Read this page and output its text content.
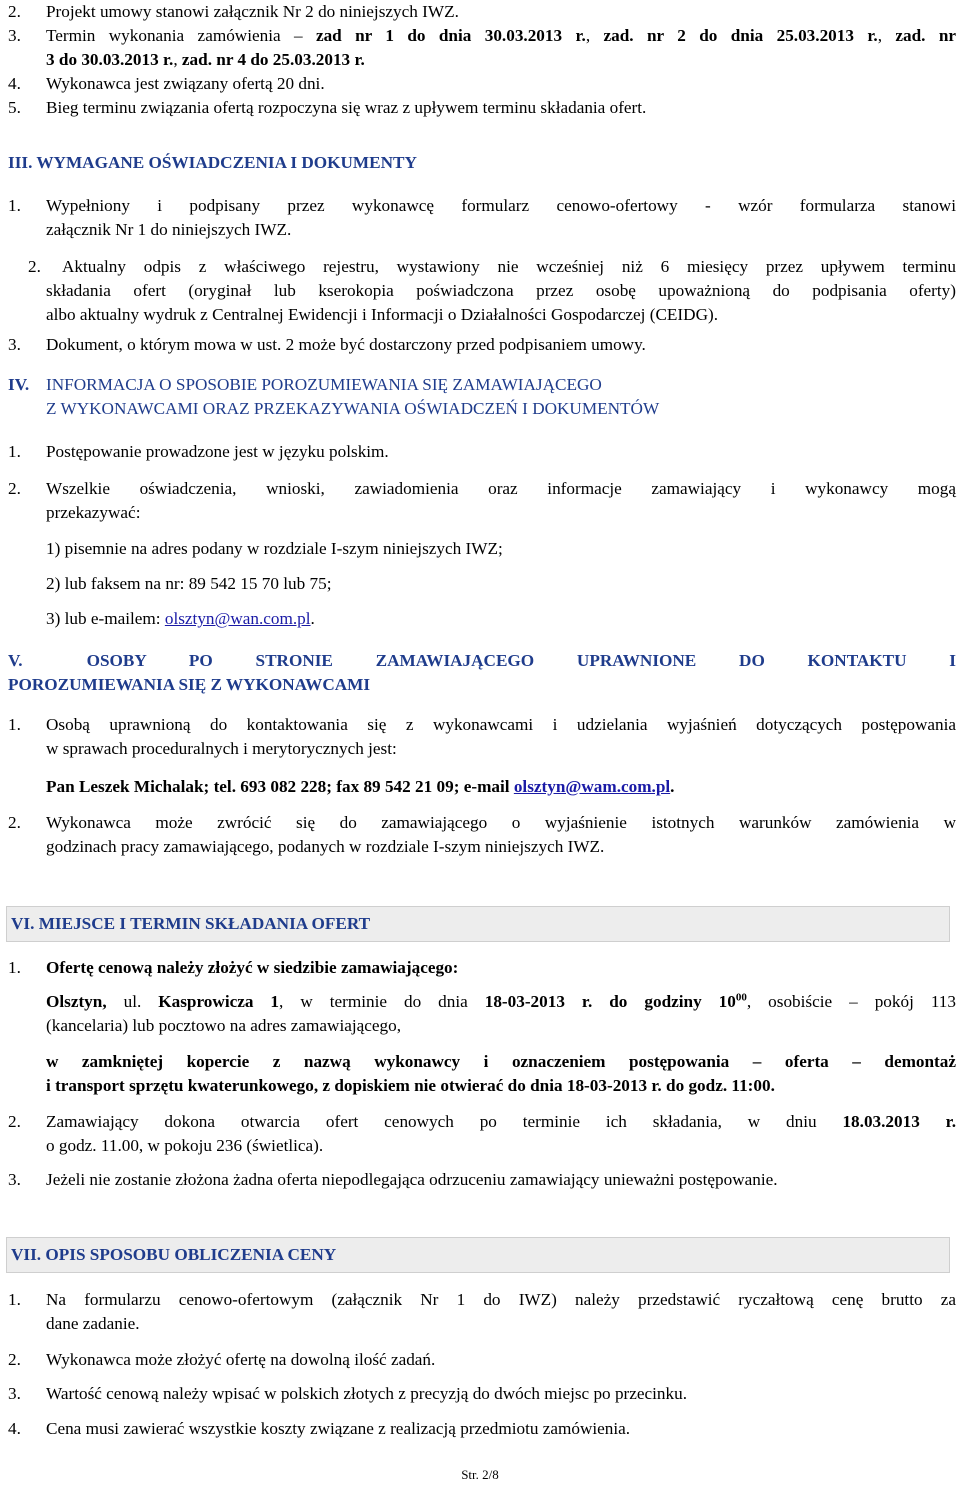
2.	Projekt umowy stanowi załącznik Nr 2 do niniejszych IWZ.
3.	Termin wykonania zamówienia – zad nr 1 do dnia 30.03.2013 r., zad. nr 2 do dnia 25.03.2013 r., zad. nr
3 do 30.03.2013 r., zad. nr 4 do 25.03.2013 r.
4.	Wykonawca jest związany ofertą 20 dni.
5.	Bieg terminu związania ofertą rozpoczyna się wraz z upływem terminu składania ofert.
III. WYMAGANE OŚWIADCZENIA I DOKUMENTY
1.	Wypełniony i podpisany przez wykonawcę formularz cenowo-ofertowy - wzór formularza stanowi
załącznik Nr 1 do niniejszych IWZ.
2.	Aktualny odpis z właściwego rejestru, wystawiony nie wcześniej niż 6 miesięcy przez upływem terminu
składania ofert (oryginał lub kserokopia poświadczona przez osobę upoważnioną do podpisania oferty)
albo aktualny wydruk z Centralnej Ewidencji i Informacji o Działalności Gospodarczej (CEIDG).
3.	Dokument, o którym mowa w ust. 2 może być dostarczony przed podpisaniem umowy.
IV. INFORMACJA O SPOSOBIE POROZUMIEWANIA SIĘ ZAMAWIAJĄCEGO
Z WYKONAWCAMI ORAZ PRZEKAZYWANIA OŚWIADCZEŃ I DOKUMENTÓW
1.	Postępowanie prowadzone jest w języku polskim.
2.	Wszelkie oświadczenia, wnioski, zawiadomienia oraz informacje zamawiający i wykonawcy mogą
przekazywać:
1) pisemnie na adres podany w rozdziale I-szym niniejszych IWZ;
2) lub faksem na nr: 89 542 15 70 lub 75;
3) lub e-mailem: olsztyn@wan.com.pl.
V.   OSOBY  PO  STRONIE  ZAMAWIAJĄCEGO  UPRAWNIONE  DO  KONTAKTU  I
POROZUMIEWANIA SIĘ Z WYKONAWCAMI
1.	Osobą uprawnioną do kontaktowania się z wykonawcami i udzielania wyjaśnień dotyczących postępowania
w sprawach proceduralnych i merytorycznych jest:
Pan Leszek Michalak; tel. 693 082 228; fax 89 542 21 09; e-mail olsztyn@wam.com.pl.
2.	Wykonawca może zwrócić się do zamawiającego o wyjaśnienie istotnych warunków zamówienia w
godzinach pracy zamawiającego, podanych w rozdziale I-szym niniejszych IWZ.
VI. MIEJSCE I TERMIN SKŁADANIA OFERT
1.	Ofertę cenową należy złożyć w siedzibie zamawiającego:
Olsztyn, ul. Kasprowicza 1, w terminie do dnia 18-03-2013 r. do godziny $10^{00}$, osobiście – pokój 113
(kancelaria) lub pocztowo na adres zamawiającego,
w zamkniętej kopercie z nazwą wykonawcy i oznaczeniem postępowania – oferta – demontaż
i transport sprzętu kwaterunkowego, z dopiskiem nie otwierać do dnia 18-03-2013 r. do godz. 11:00.
2.	Zamawiający dokona otwarcia ofert cenowych po terminie ich składania, w dniu 18.03.2013 r.
o godz. 11.00, w pokoju 236 (świetlica).
3.	Jeżeli nie zostanie złożona żadna oferta niepodlegająca odrzuceniu zamawiający unieważni postępowanie.
VII. OPIS SPOSOBU OBLICZENIA CENY
1.	Na formularzu cenowo-ofertowym (załącznik Nr 1 do IWZ) należy przedstawić ryczałtową cenę brutto za
dane zadanie.
2.	Wykonawca może złożyć ofertę na dowolną ilość zadań.
3.	Wartość cenową należy wpisać w polskich złotych z precyzją do dwóch miejsc po przecinku.
4.	Cena musi zawierać wszystkie koszty związane z realizacją przedmiotu zamówienia.
Str. 2/8
